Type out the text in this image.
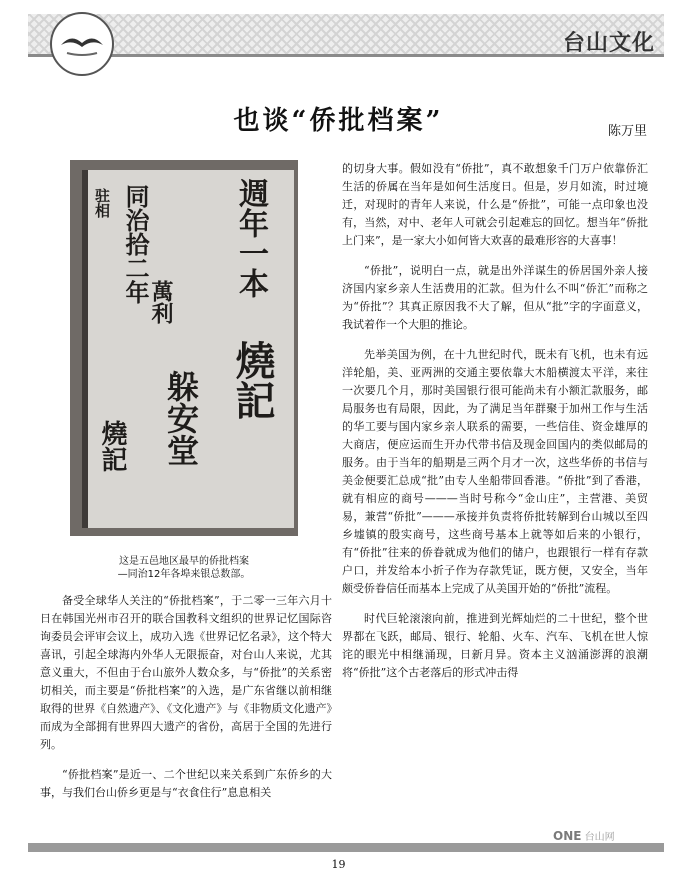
台山文化
也谈“侨批档案”	陈万里
驻相 同治拾二年	週年一本
燒記
萬利
躲安堂
燒記
这是五邑地区最早的侨批档案
—同治12年各埠来银总数部。

备受全球华人关注的“侨批档案”，于二零一三年六月十日在韩国光州市召开的联合国教科文组织的世界记忆国际咨询委员会评审会议上，成功入选《世界记忆名录》，这个特大喜讯，引起全球海内外华人无限振奋，对台山人来说，尤其意义重大，不但由于台山旅外人数众多，与“侨批”的关系密切相关，而主要是“侨批档案”的入选，是广东省继以前相继取得的世界《自然遗产》、《文化遗产》与《非物质文化遗产》而成为全部拥有世界四大遗产的省份，高居于全国的先进行列。

“侨批档案”是近一、二个世纪以来关系到广东侨乡的大事，与我们台山侨乡更是与“衣食住行”息息相关

的切身大事。假如没有“侨批”，真不敢想象千门万户依靠侨汇生活的侨属在当年是如何生活度日。但是，岁月如流，时过境迁，对现时的青年人来说，什么是“侨批”，可能一点印象也没有，当然，对中、老年人可就会引起难忘的回忆。想当年“侨批上门来”，是一家大小如何皆大欢喜的最难形容的大喜事！

“侨批”，说明白一点，就是出外洋谋生的侨居国外亲人接济国内家乡亲人生活费用的汇款。但为什么不叫“侨汇”而称之为“侨批”？其真正原因我不大了解，但从“批”字的字面意义，我试着作一个大胆的推论。

先举美国为例，在十九世纪时代，既未有飞机，也未有远洋轮船，美、亚两洲的交通主要依靠大木船横渡太平洋，来往一次要几个月，那时美国银行很可能尚未有小额汇款服务，邮局服务也有局限，因此，为了满足当年群聚于加州工作与生活的华工要与国内家乡亲人联系的需要，一些信佳、资金雄厚的大商店，便应运而生开办代带书信及现金回国内的类似邮局的服务。由于当年的船期是三两个月才一次，这些华侨的书信与美金便要汇总成“批”由专人坐船带回香港。“侨批”到了香港，就有相应的商号———当时号称今“金山庄”，主营港、美贸易，兼营“侨批”———承接并负责将侨批转解到台山城以至四乡墟镇的殷实商号，这些商号基本上就等如后来的小银行，有“侨批”往来的侨眷就成为他们的储户，也跟银行一样有存款户口，并发给本小折子作为存款凭证，既方便，又安全，当年颇受侨眷信任而基本上完成了从美国开始的“侨批”流程。

时代巨轮滚滚向前，推进到光辉灿烂的二十世纪，整个世界都在飞跃，邮局、银行、轮船、火车、汽车、飞机在世人惊诧的眼光中相继涌现，日新月异。资本主义汹涌澎湃的浪潮将“侨批”这个古老落后的形式冲击得

ONE 台山网
www.75one.cn
19
